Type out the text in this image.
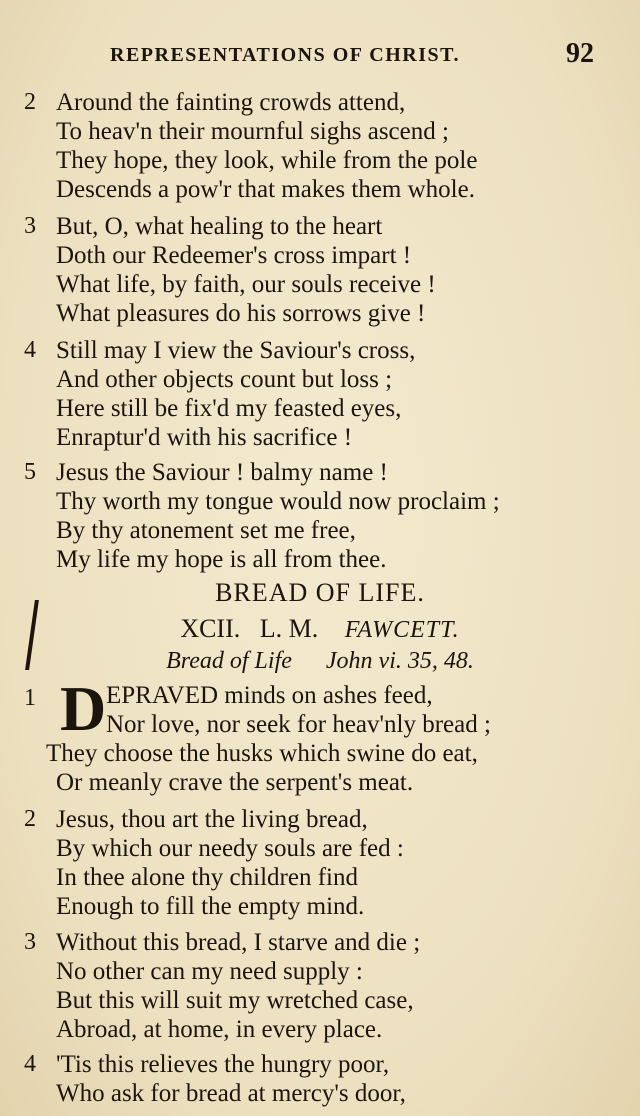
REPRESENTATIONS OF CHRIST.	92
2 Around the fainting crowds attend,
To heav'n their mournful sighs ascend ;
They hope, they look, while from the pole
Descends a pow'r that makes them whole.
3 But, O, what healing to the heart
Doth our Redeemer's cross impart !
What life, by faith, our souls receive !
What pleasures do his sorrows give !
4 Still may I view the Saviour's cross,
And other objects count but loss ;
Here still be fix'd my feasted eyes,
Enraptur'd with his sacrifice !
5 Jesus the Saviour ! balmy name !
Thy worth my tongue would now proclaim ;
By thy atonement set me free,
My life my hope is all from thee.
BREAD OF LIFE.
XCII. L. M. FAWCETT.
Bread of Life John vi. 35, 48.
1 D EPRAVED minds on ashes feed,
Nor love, nor seek for heav'nly bread ;
They choose the husks which swine do eat,
Or meanly crave the serpent's meat.
2 Jesus, thou art the living bread,
By which our needy souls are fed :
In thee alone thy children find
Enough to fill the empty mind.
3 Without this bread, I starve and die ;
No other can my need supply :
But this will suit my wretched case,
Abroad, at home, in every place.
4 'Tis this relieves the hungry poor,
Who ask for bread at mercy's door,
